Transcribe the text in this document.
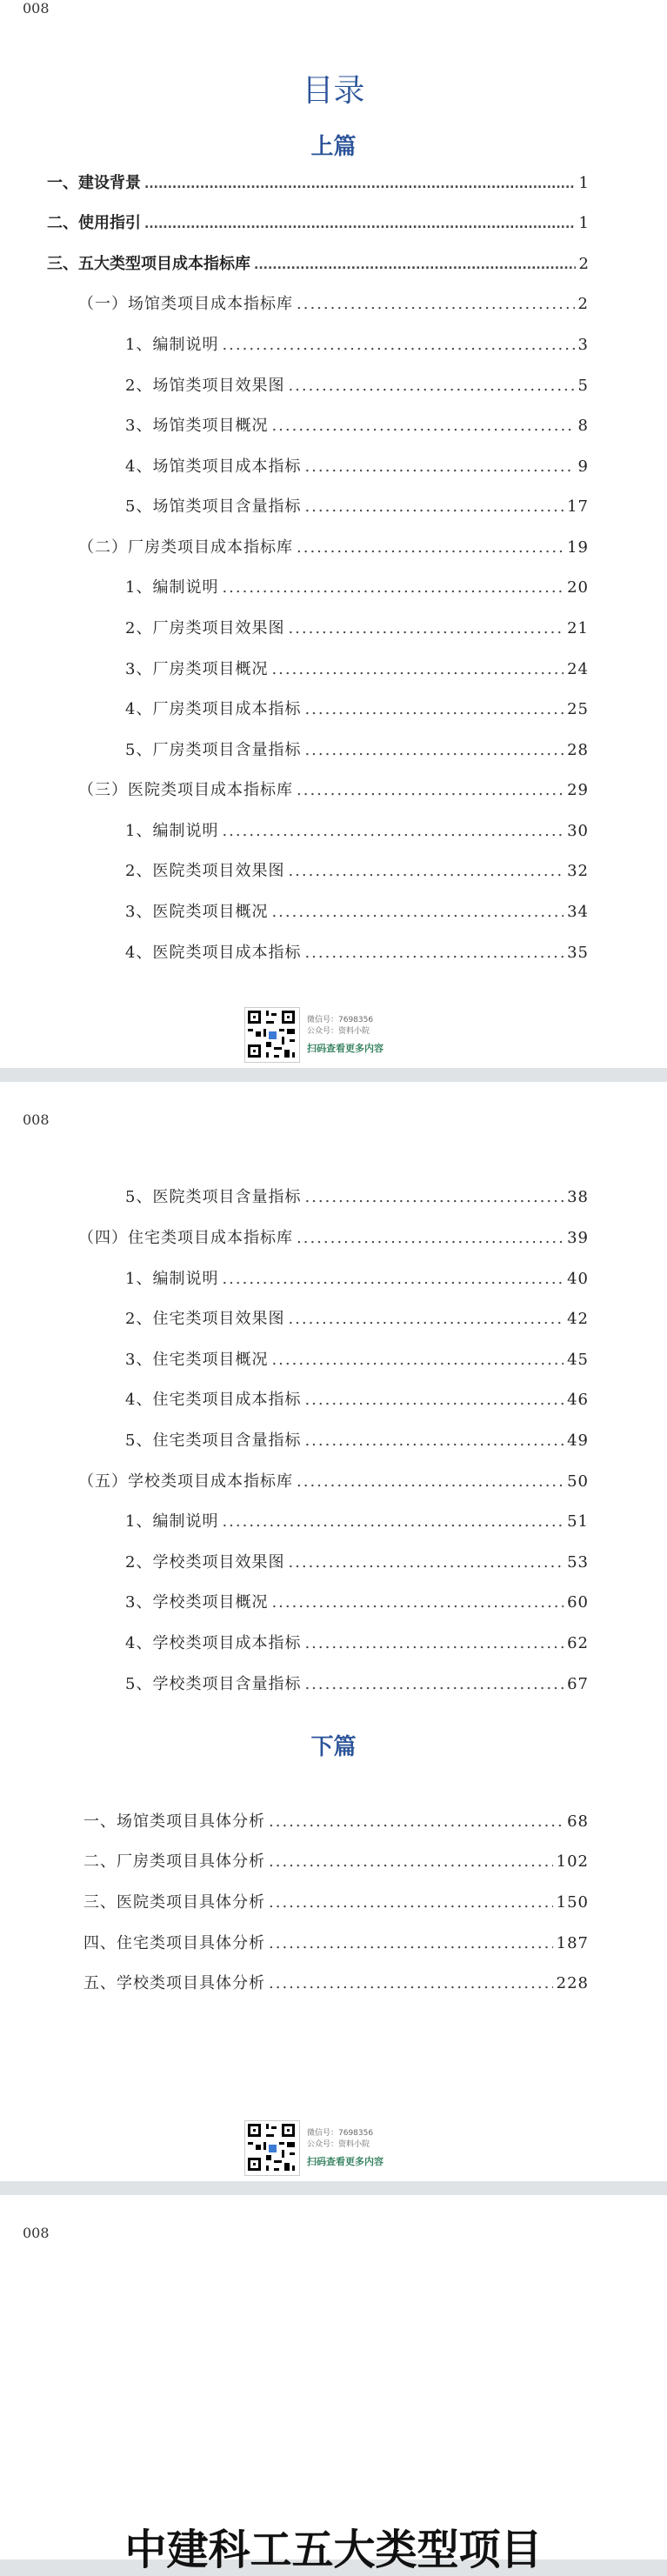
008
目录
上篇
一、建设背景 .....	1
二、使用指引 .....	1
三、五大类型项目成本指标库 .....	2
（一）场馆类项目成本指标库 .....	2
1、编制说明 .....	3
2、场馆类项目效果图 .....	5
3、场馆类项目概况 .....	8
4、场馆类项目成本指标 .....	9
5、场馆类项目含量指标 .....	17
（二）厂房类项目成本指标库 .....	19
1、编制说明 .....	20
2、厂房类项目效果图 .....	21
3、厂房类项目概况 .....	24
4、厂房类项目成本指标 .....	25
5、厂房类项目含量指标 .....	28
（三）医院类项目成本指标库 .....	29
1、编制说明 .....	30
2、医院类项目效果图 .....	32
3、医院类项目概况 .....	34
4、医院类项目成本指标 .....	35
微信号：7698356
公众号：资料小院
扫码查看更多内容
008
5、医院类项目含量指标 .....	38
（四）住宅类项目成本指标库 .....	39
1、编制说明 .....	40
2、住宅类项目效果图 .....	42
3、住宅类项目概况 .....	45
4、住宅类项目成本指标 .....	46
5、住宅类项目含量指标 .....	49
（五）学校类项目成本指标库 .....	50
1、编制说明 .....	51
2、学校类项目效果图 .....	53
3、学校类项目概况 .....	60
4、学校类项目成本指标 .....	62
5、学校类项目含量指标 .....	67
下篇
一、场馆类项目具体分析 .....	68
二、厂房类项目具体分析 .....	102
三、医院类项目具体分析 .....	150
四、住宅类项目具体分析 .....	187
五、学校类项目具体分析 .....	228
微信号：7698356
公众号：资料小院
扫码查看更多内容
008
中建科工五大类型项目
